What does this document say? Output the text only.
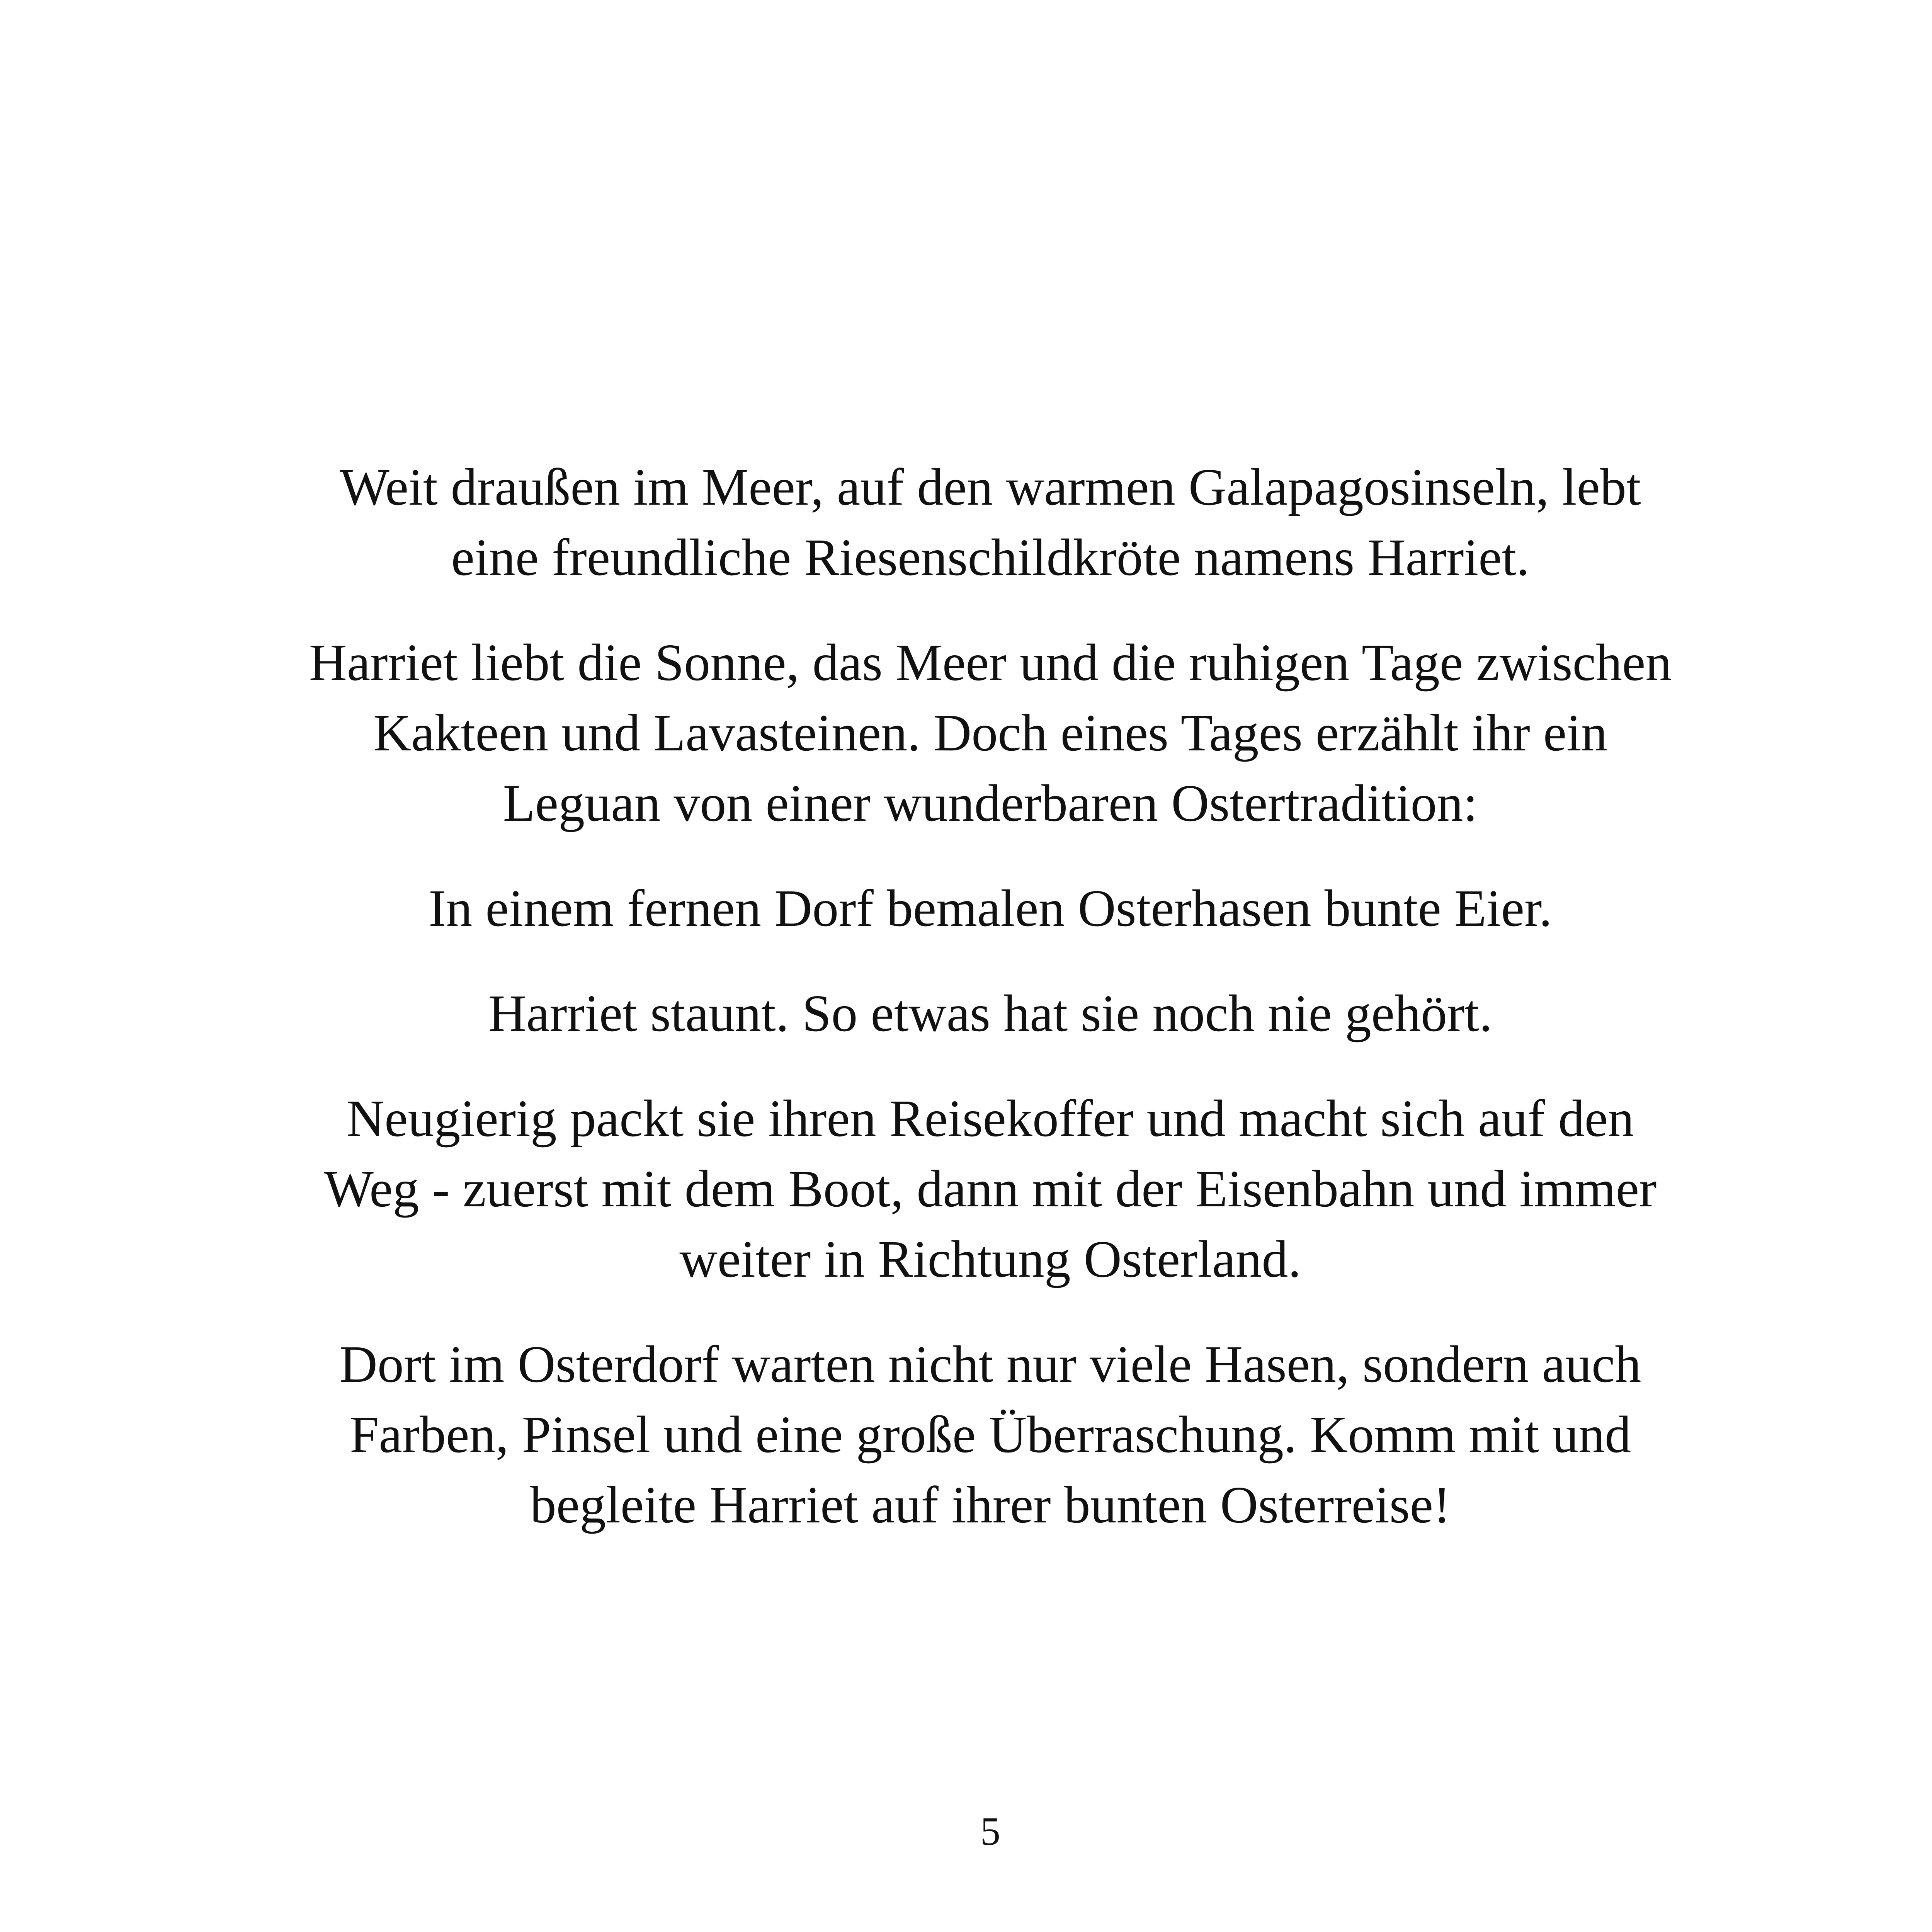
Weit draußen im Meer, auf den warmen Galapagosinseln, lebt
eine freundliche Riesenschildkröte namens Harriet.

Harriet liebt die Sonne, das Meer und die ruhigen Tage zwischen
Kakteen und Lavasteinen. Doch eines Tages erzählt ihr ein
Leguan von einer wunderbaren Ostertradition:

In einem fernen Dorf bemalen Osterhasen bunte Eier.

Harriet staunt. So etwas hat sie noch nie gehört.

Neugierig packt sie ihren Reisekoffer und macht sich auf den
Weg - zuerst mit dem Boot, dann mit der Eisenbahn und immer
weiter in Richtung Osterland.

Dort im Osterdorf warten nicht nur viele Hasen, sondern auch
Farben, Pinsel und eine große Überraschung. Komm mit und
begleite Harriet auf ihrer bunten Osterreise!

5
